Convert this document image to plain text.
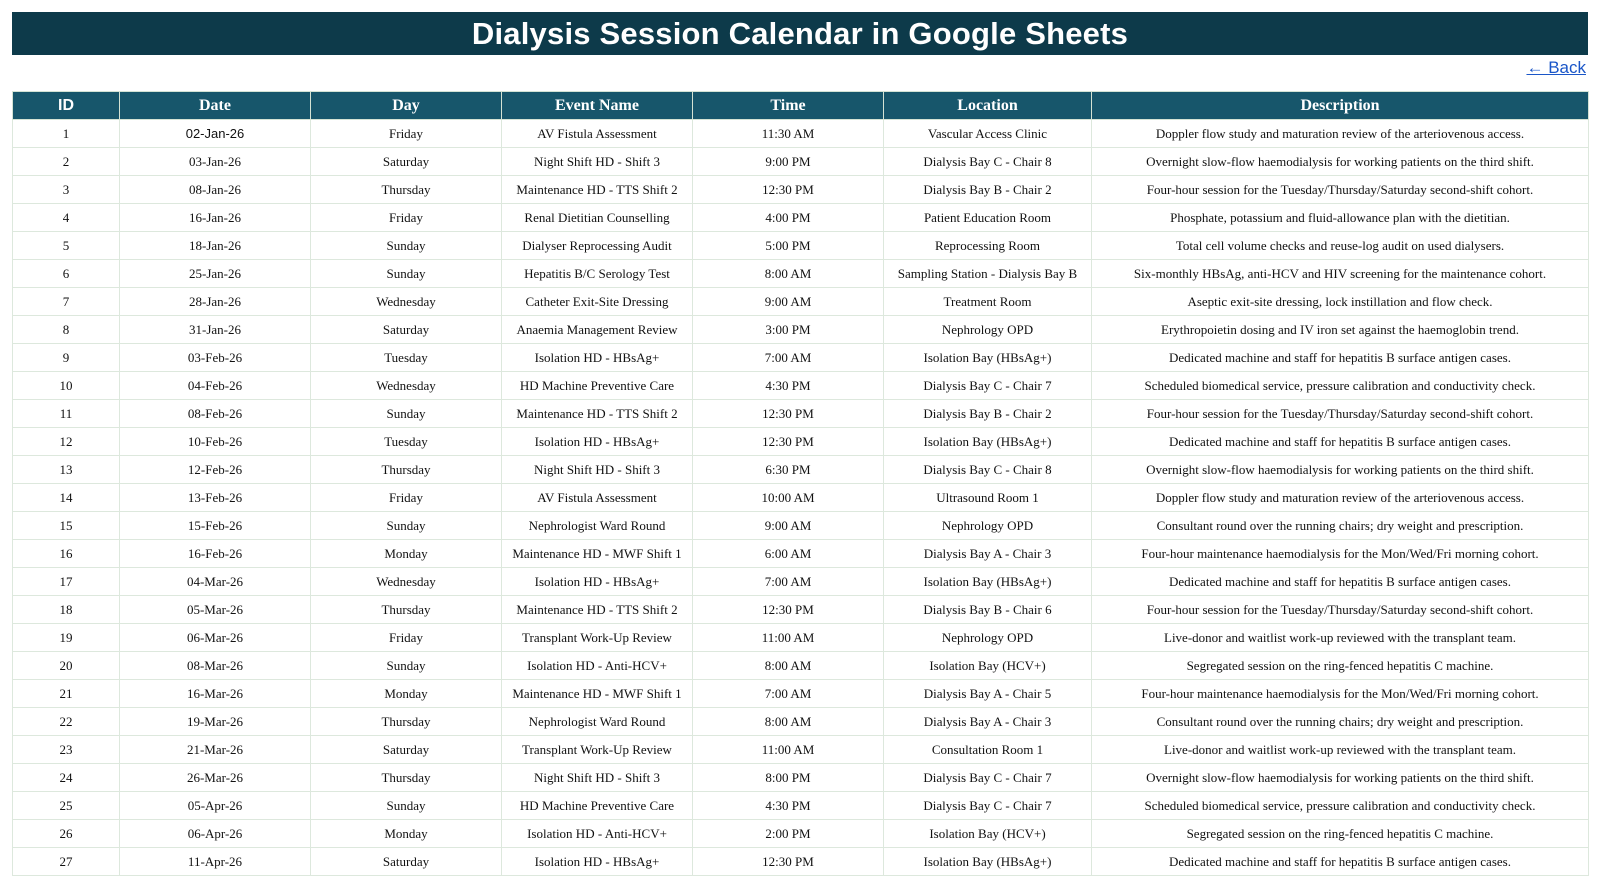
Dialysis Session Calendar in Google Sheets
← Back
ID	Date	Day	Event Name	Time	Location	Description
1	02-Jan-26	Friday	AV Fistula Assessment	11:30 AM	Vascular Access Clinic	Doppler flow study and maturation review of the arteriovenous access.
2	03-Jan-26	Saturday	Night Shift HD - Shift 3	9:00 PM	Dialysis Bay C - Chair 8	Overnight slow-flow haemodialysis for working patients on the third shift.
3	08-Jan-26	Thursday	Maintenance HD - TTS Shift 2	12:30 PM	Dialysis Bay B - Chair 2	Four-hour session for the Tuesday/Thursday/Saturday second-shift cohort.
4	16-Jan-26	Friday	Renal Dietitian Counselling	4:00 PM	Patient Education Room	Phosphate, potassium and fluid-allowance plan with the dietitian.
5	18-Jan-26	Sunday	Dialyser Reprocessing Audit	5:00 PM	Reprocessing Room	Total cell volume checks and reuse-log audit on used dialysers.
6	25-Jan-26	Sunday	Hepatitis B/C Serology Test	8:00 AM	Sampling Station - Dialysis Bay B	Six-monthly HBsAg, anti-HCV and HIV screening for the maintenance cohort.
7	28-Jan-26	Wednesday	Catheter Exit-Site Dressing	9:00 AM	Treatment Room	Aseptic exit-site dressing, lock instillation and flow check.
8	31-Jan-26	Saturday	Anaemia Management Review	3:00 PM	Nephrology OPD	Erythropoietin dosing and IV iron set against the haemoglobin trend.
9	03-Feb-26	Tuesday	Isolation HD - HBsAg+	7:00 AM	Isolation Bay (HBsAg+)	Dedicated machine and staff for hepatitis B surface antigen cases.
10	04-Feb-26	Wednesday	HD Machine Preventive Care	4:30 PM	Dialysis Bay C - Chair 7	Scheduled biomedical service, pressure calibration and conductivity check.
11	08-Feb-26	Sunday	Maintenance HD - TTS Shift 2	12:30 PM	Dialysis Bay B - Chair 2	Four-hour session for the Tuesday/Thursday/Saturday second-shift cohort.
12	10-Feb-26	Tuesday	Isolation HD - HBsAg+	12:30 PM	Isolation Bay (HBsAg+)	Dedicated machine and staff for hepatitis B surface antigen cases.
13	12-Feb-26	Thursday	Night Shift HD - Shift 3	6:30 PM	Dialysis Bay C - Chair 8	Overnight slow-flow haemodialysis for working patients on the third shift.
14	13-Feb-26	Friday	AV Fistula Assessment	10:00 AM	Ultrasound Room 1	Doppler flow study and maturation review of the arteriovenous access.
15	15-Feb-26	Sunday	Nephrologist Ward Round	9:00 AM	Nephrology OPD	Consultant round over the running chairs; dry weight and prescription.
16	16-Feb-26	Monday	Maintenance HD - MWF Shift 1	6:00 AM	Dialysis Bay A - Chair 3	Four-hour maintenance haemodialysis for the Mon/Wed/Fri morning cohort.
17	04-Mar-26	Wednesday	Isolation HD - HBsAg+	7:00 AM	Isolation Bay (HBsAg+)	Dedicated machine and staff for hepatitis B surface antigen cases.
18	05-Mar-26	Thursday	Maintenance HD - TTS Shift 2	12:30 PM	Dialysis Bay B - Chair 6	Four-hour session for the Tuesday/Thursday/Saturday second-shift cohort.
19	06-Mar-26	Friday	Transplant Work-Up Review	11:00 AM	Nephrology OPD	Live-donor and waitlist work-up reviewed with the transplant team.
20	08-Mar-26	Sunday	Isolation HD - Anti-HCV+	8:00 AM	Isolation Bay (HCV+)	Segregated session on the ring-fenced hepatitis C machine.
21	16-Mar-26	Monday	Maintenance HD - MWF Shift 1	7:00 AM	Dialysis Bay A - Chair 5	Four-hour maintenance haemodialysis for the Mon/Wed/Fri morning cohort.
22	19-Mar-26	Thursday	Nephrologist Ward Round	8:00 AM	Dialysis Bay A - Chair 3	Consultant round over the running chairs; dry weight and prescription.
23	21-Mar-26	Saturday	Transplant Work-Up Review	11:00 AM	Consultation Room 1	Live-donor and waitlist work-up reviewed with the transplant team.
24	26-Mar-26	Thursday	Night Shift HD - Shift 3	8:00 PM	Dialysis Bay C - Chair 7	Overnight slow-flow haemodialysis for working patients on the third shift.
25	05-Apr-26	Sunday	HD Machine Preventive Care	4:30 PM	Dialysis Bay C - Chair 7	Scheduled biomedical service, pressure calibration and conductivity check.
26	06-Apr-26	Monday	Isolation HD - Anti-HCV+	2:00 PM	Isolation Bay (HCV+)	Segregated session on the ring-fenced hepatitis C machine.
27	11-Apr-26	Saturday	Isolation HD - HBsAg+	12:30 PM	Isolation Bay (HBsAg+)	Dedicated machine and staff for hepatitis B surface antigen cases.
